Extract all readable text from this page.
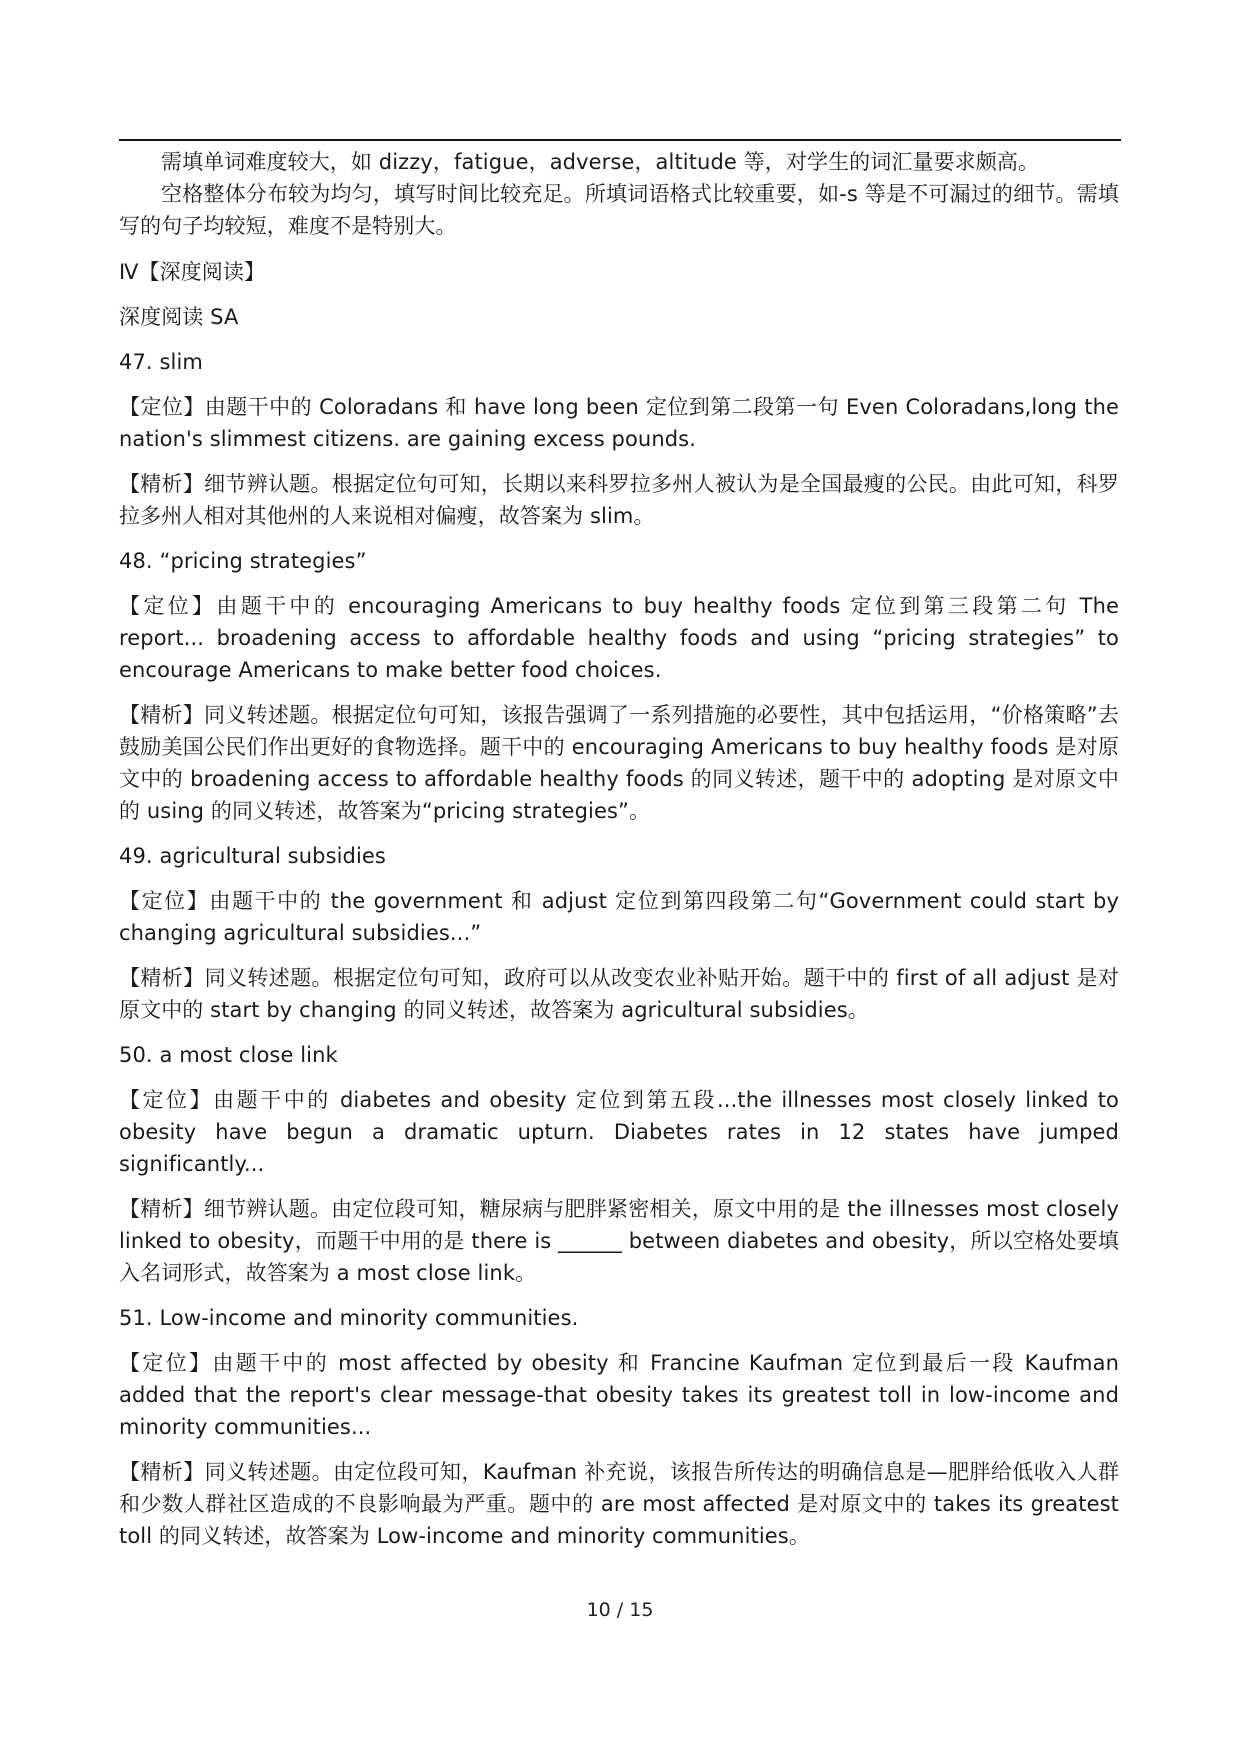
需填单词难度较大，如 dizzy，fatigue，adverse，altitude 等，对学生的词汇量要求颇高。

空格整体分布较为均匀，填写时间比较充足。所填词语格式比较重要，如-s 等是不可漏过的细节。需填写的句子均较短，难度不是特别大。

Ⅳ【深度阅读】

深度阅读 SA

47. slim

【定位】由题干中的 Coloradans 和 have long been 定位到第二段第一句 Even Coloradans,long the nation's slimmest citizens. are gaining excess pounds.

【精析】细节辨认题。根据定位句可知，长期以来科罗拉多州人被认为是全国最瘦的公民。由此可知，科罗拉多州人相对其他州的人来说相对偏瘦，故答案为 slim。

48. “pricing strategies”

【定位】由题干中的 encouraging Americans to buy healthy foods 定位到第三段第二句 The report... broadening access to affordable healthy foods and using “pricing strategies” to encourage Americans to make better food choices.

【精析】同义转述题。根据定位句可知，该报告强调了一系列措施的必要性，其中包括运用，“价格策略”去鼓励美国公民们作出更好的食物选择。题干中的 encouraging Americans to buy healthy foods 是对原文中的 broadening access to affordable healthy foods 的同义转述，题干中的 adopting 是对原文中的 using 的同义转述，故答案为“pricing strategies”。

49. agricultural subsidies

【定位】由题干中的 the government 和 adjust 定位到第四段第二句“Government could start by changing agricultural subsidies...”

【精析】同义转述题。根据定位句可知，政府可以从改变农业补贴开始。题干中的 first of all adjust 是对原文中的 start by changing 的同义转述，故答案为 agricultural subsidies。

50. a most close link

【定位】由题干中的 diabetes and obesity 定位到第五段...the illnesses most closely linked to obesity have begun a dramatic upturn. Diabetes rates in 12 states have jumped significantly...

【精析】细节辨认题。由定位段可知，糖尿病与肥胖紧密相关，原文中用的是 the illnesses most closely linked to obesity，而题干中用的是 there is ______ between diabetes and obesity，所以空格处要填入名词形式，故答案为 a most close link。

51. Low-income and minority communities.

【定位】由题干中的 most affected by obesity 和 Francine Kaufman 定位到最后一段 Kaufman added that the report's clear message-that obesity takes its greatest toll in low-income and minority communities...

【精析】同义转述题。由定位段可知，Kaufman 补充说，该报告所传达的明确信息是—肥胖给低收入人群和少数人群社区造成的不良影响最为严重。题中的 are most affected 是对原文中的 takes its greatest toll 的同义转述，故答案为 Low-income and minority communities。

10 / 15
